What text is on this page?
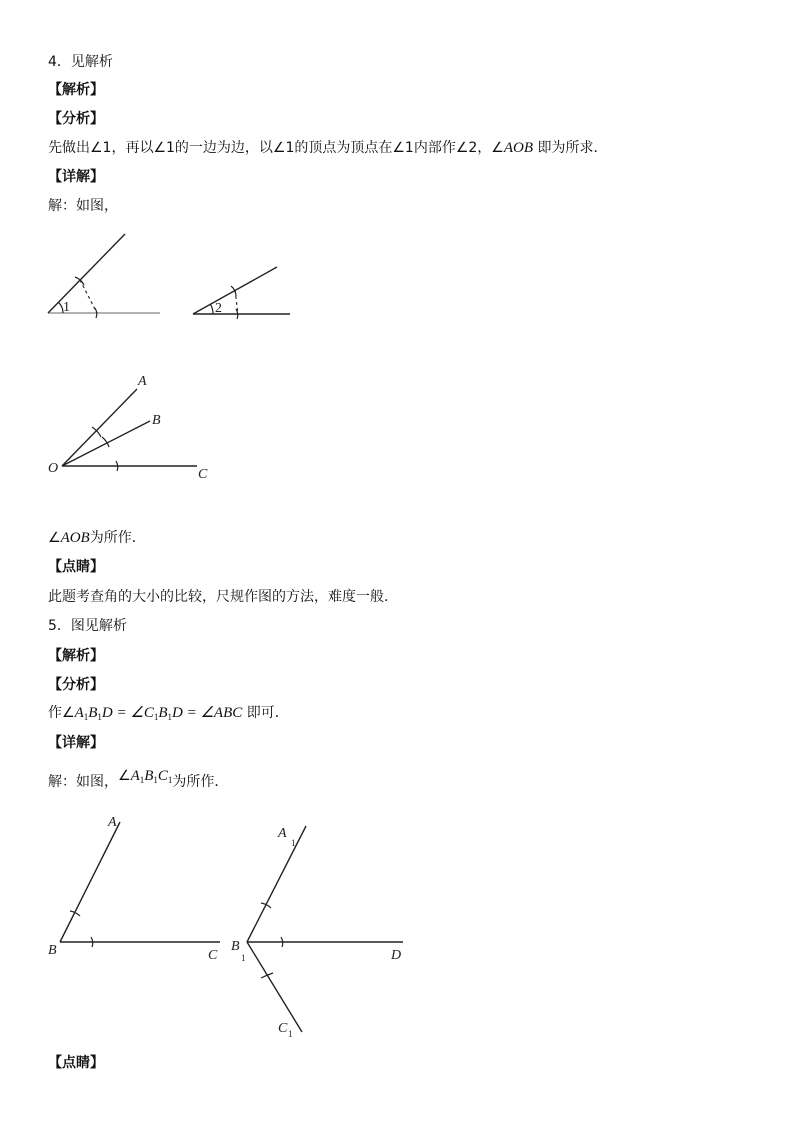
4．见解析
【解析】
【分析】
先做出∠1，再以∠1的一边为边，以∠1的顶点为顶点在∠1内部作∠2，∠AOB 即为所求．
【详解】
解：如图，
∠AOB为所作．
【点睛】
此题考查角的大小的比较，尺规作图的方法，难度一般．
5．图见解析
【解析】
【分析】
作$\angle A_1B_1D$ = $\angle C_1B_1D$ = ∠ABC 即可．
【详解】
解：如图，$\angle A_1B_1C_1$为所作．
【点睛】
1	2
O
A
B
C
A
B	C
A
1
B
1
C 1
D
